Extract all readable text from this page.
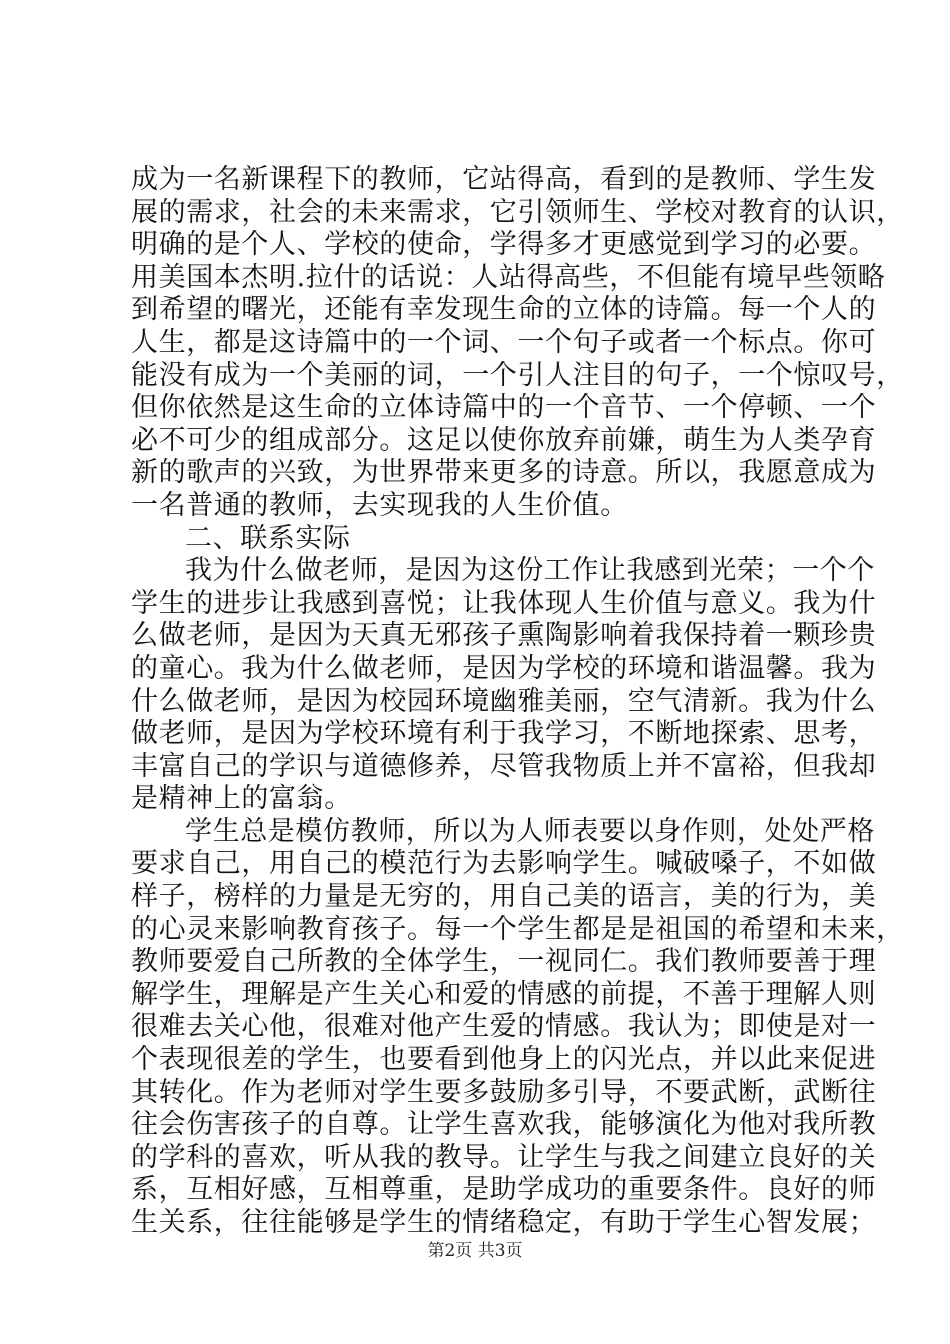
成为一名新课程下的教师，它站得高，看到的是教师、学生发
展的需求，社会的未来需求，它引领师生、学校对教育的认识，
明确的是个人、学校的使命，学得多才更感觉到学习的必要。
用美国本杰明.拉什的话说：人站得高些，不但能有境早些领略
到希望的曙光，还能有幸发现生命的立体的诗篇。每一个人的
人生，都是这诗篇中的一个词、一个句子或者一个标点。你可
能没有成为一个美丽的词，一个引人注目的句子，一个惊叹号，
但你依然是这生命的立体诗篇中的一个音节、一个停顿、一个
必不可少的组成部分。这足以使你放弃前嫌，萌生为人类孕育
新的歌声的兴致，为世界带来更多的诗意。所以，我愿意成为
一名普通的教师，去实现我的人生价值。
二、联系实际
我为什么做老师，是因为这份工作让我感到光荣；一个个
学生的进步让我感到喜悦；让我体现人生价值与意义。我为什
么做老师，是因为天真无邪孩子熏陶影响着我保持着一颗珍贵
的童心。我为什么做老师，是因为学校的环境和谐温馨。我为
什么做老师，是因为校园环境幽雅美丽，空气清新。我为什么
做老师，是因为学校环境有利于我学习，不断地探索、思考，
丰富自己的学识与道德修养，尽管我物质上并不富裕，但我却
是精神上的富翁。
学生总是模仿教师，所以为人师表要以身作则，处处严格
要求自己，用自己的模范行为去影响学生。喊破嗓子，不如做
样子，榜样的力量是无穷的，用自己美的语言，美的行为，美
的心灵来影响教育孩子。每一个学生都是是祖国的希望和未来，
教师要爱自己所教的全体学生，一视同仁。我们教师要善于理
解学生，理解是产生关心和爱的情感的前提，不善于理解人则
很难去关心他，很难对他产生爱的情感。我认为；即使是对一
个表现很差的学生，也要看到他身上的闪光点，并以此来促进
其转化。作为老师对学生要多鼓励多引导，不要武断，武断往
往会伤害孩子的自尊。让学生喜欢我，能够演化为他对我所教
的学科的喜欢，听从我的教导。让学生与我之间建立良好的关
系，互相好感，互相尊重，是助学成功的重要条件。良好的师
生关系，往往能够是学生的情绪稳定，有助于学生心智发展；
第2页 共3页
